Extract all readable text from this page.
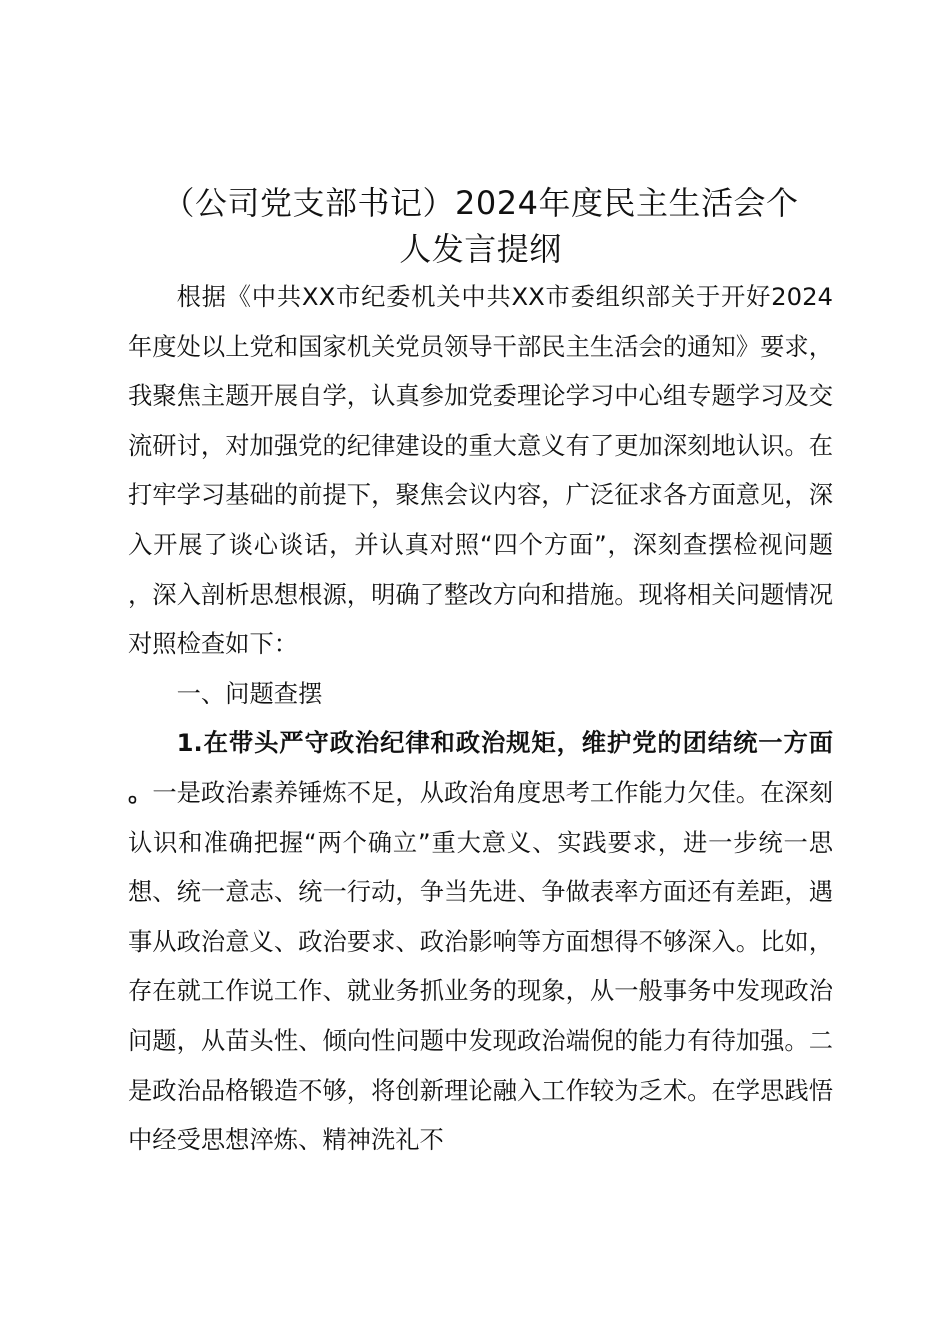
（公司党支部书记）2024年度民主生活会个
人发言提纲

根据《中共XX市纪委机关中共XX市委组织部关于开好2024年度处以上党和国家机关党员领导干部民主生活会的通知》要求，我聚焦主题开展自学，认真参加党委理论学习中心组专题学习及交流研讨，对加强党的纪律建设的重大意义有了更加深刻地认识。在打牢学习基础的前提下，聚焦会议内容，广泛征求各方面意见，深入开展了谈心谈话，并认真对照“四个方面”，深刻查摆检视问题，深入剖析思想根源，明确了整改方向和措施。现将相关问题情况对照检查如下：

一、问题查摆

1.在带头严守政治纪律和政治规矩，维护党的团结统一方面。一是政治素养锤炼不足，从政治角度思考工作能力欠佳。在深刻认识和准确把握“两个确立”重大意义、实践要求，进一步统一思想、统一意志、统一行动，争当先进、争做表率方面还有差距，遇事从政治意义、政治要求、政治影响等方面想得不够深入。比如，存在就工作说工作、就业务抓业务的现象，从一般事务中发现政治问题，从苗头性、倾向性问题中发现政治端倪的能力有待加强。二是政治品格锻造不够，将创新理论融入工作较为乏术。在学思践悟中经受思想淬炼、精神洗礼不
